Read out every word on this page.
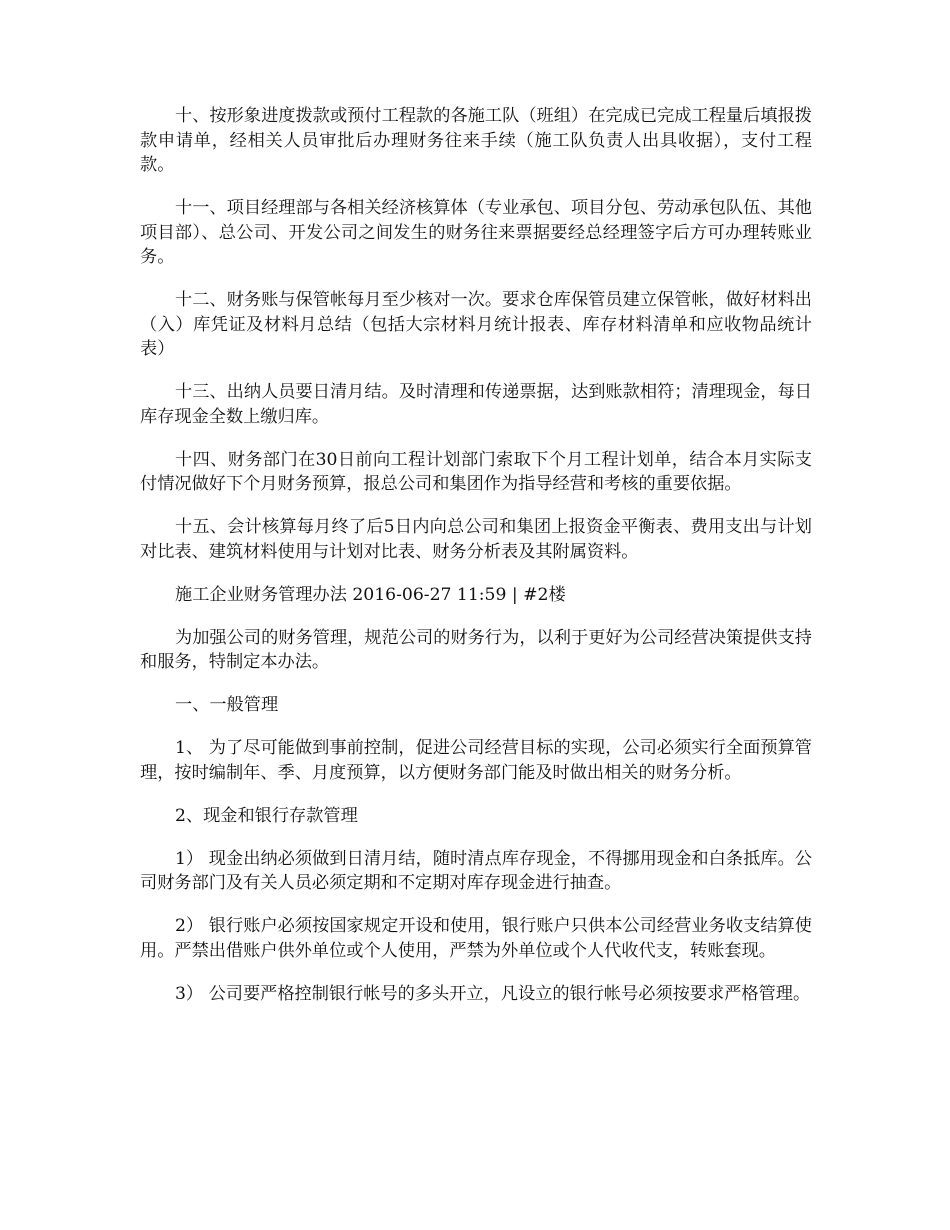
十、按形象进度拨款或预付工程款的各施工队（班组）在完成已完成工程量后填报拨款申请单，经相关人员审批后办理财务往来手续（施工队负责人出具收据），支付工程款。

十一、项目经理部与各相关经济核算体（专业承包、项目分包、劳动承包队伍、其他项目部）、总公司、开发公司之间发生的财务往来票据要经总经理签字后方可办理转账业务。

十二、财务账与保管帐每月至少核对一次。要求仓库保管员建立保管帐，做好材料出（入）库凭证及材料月总结（包括大宗材料月统计报表、库存材料清单和应收物品统计表）

十三、出纳人员要日清月结。及时清理和传递票据，达到账款相符；清理现金，每日库存现金全数上缴归库。

十四、财务部门在30日前向工程计划部门索取下个月工程计划单，结合本月实际支付情况做好下个月财务预算，报总公司和集团作为指导经营和考核的重要依据。

十五、会计核算每月终了后5日内向总公司和集团上报资金平衡表、费用支出与计划对比表、建筑材料使用与计划对比表、财务分析表及其附属资料。

施工企业财务管理办法 2016-06-27 11:59 | #2楼

为加强公司的财务管理，规范公司的财务行为，以利于更好为公司经营决策提供支持和服务，特制定本办法。

一、一般管理

1、 为了尽可能做到事前控制，促进公司经营目标的实现，公司必须实行全面预算管理，按时编制年、季、月度预算，以方便财务部门能及时做出相关的财务分析。

2、现金和银行存款管理

1） 现金出纳必须做到日清月结，随时清点库存现金，不得挪用现金和白条抵库。公司财务部门及有关人员必须定期和不定期对库存现金进行抽查。

2） 银行账户必须按国家规定开设和使用，银行账户只供本公司经营业务收支结算使用。严禁出借账户供外单位或个人使用，严禁为外单位或个人代收代支，转账套现。

3） 公司要严格控制银行帐号的多头开立，凡设立的银行帐号必须按要求严格管理。
